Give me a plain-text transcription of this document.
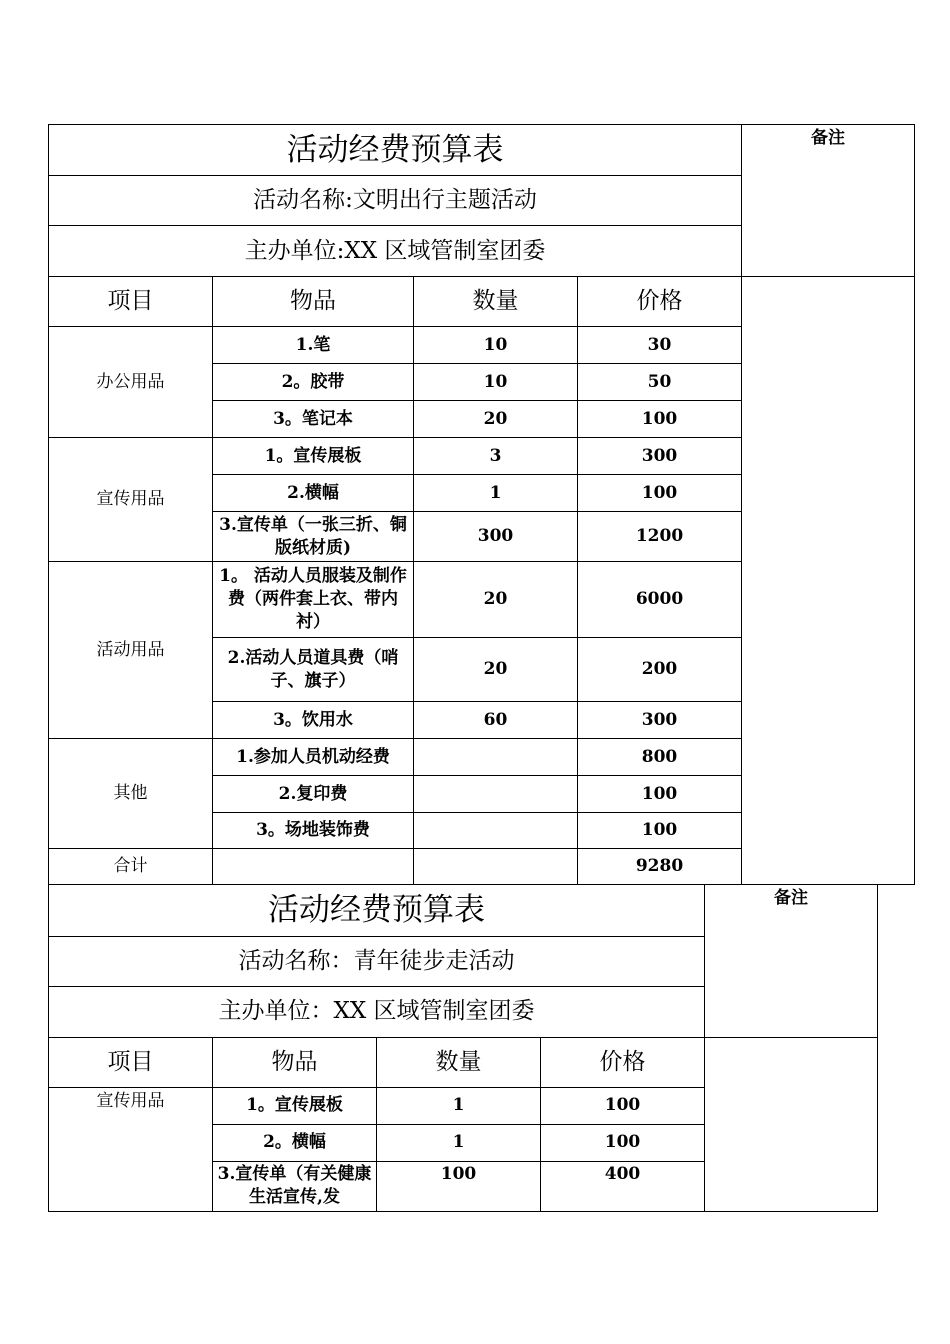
活动经费预算表				备注	
活动名称:文明出行主题活动					
主办单位:XX 区域管制室团委					
项目	物品	数量	价格		
办公用品	1.笔	10	30		
	2。胶带	10	50		
	3。笔记本	20	100		
宣传用品	1。宣传展板	3	300		
	2.横幅	1	100		
	3.宣传单（一张三折、铜版纸材质)	300	1200		
活动用品	1。 活动人员服装及制作费（两件套上衣、带内衬）	20	6000		
	2.活动人员道具费（哨子、旗子）	20	200		
	3。饮用水	60	300		
其他	1.参加人员机动经费		800		
	2.复印费		100		
	3。场地装饰费		100		
合计			9280		
活动经费预算表				备注	
活动名称：青年徒步走活动					
主办单位：XX 区域管制室团委					
项目	物品	数量	价格		
宣传用品	1。宣传展板	1	100		
	2。横幅	1	100		
	3.宣传单（有关健康生活宣传,发	100	400		
